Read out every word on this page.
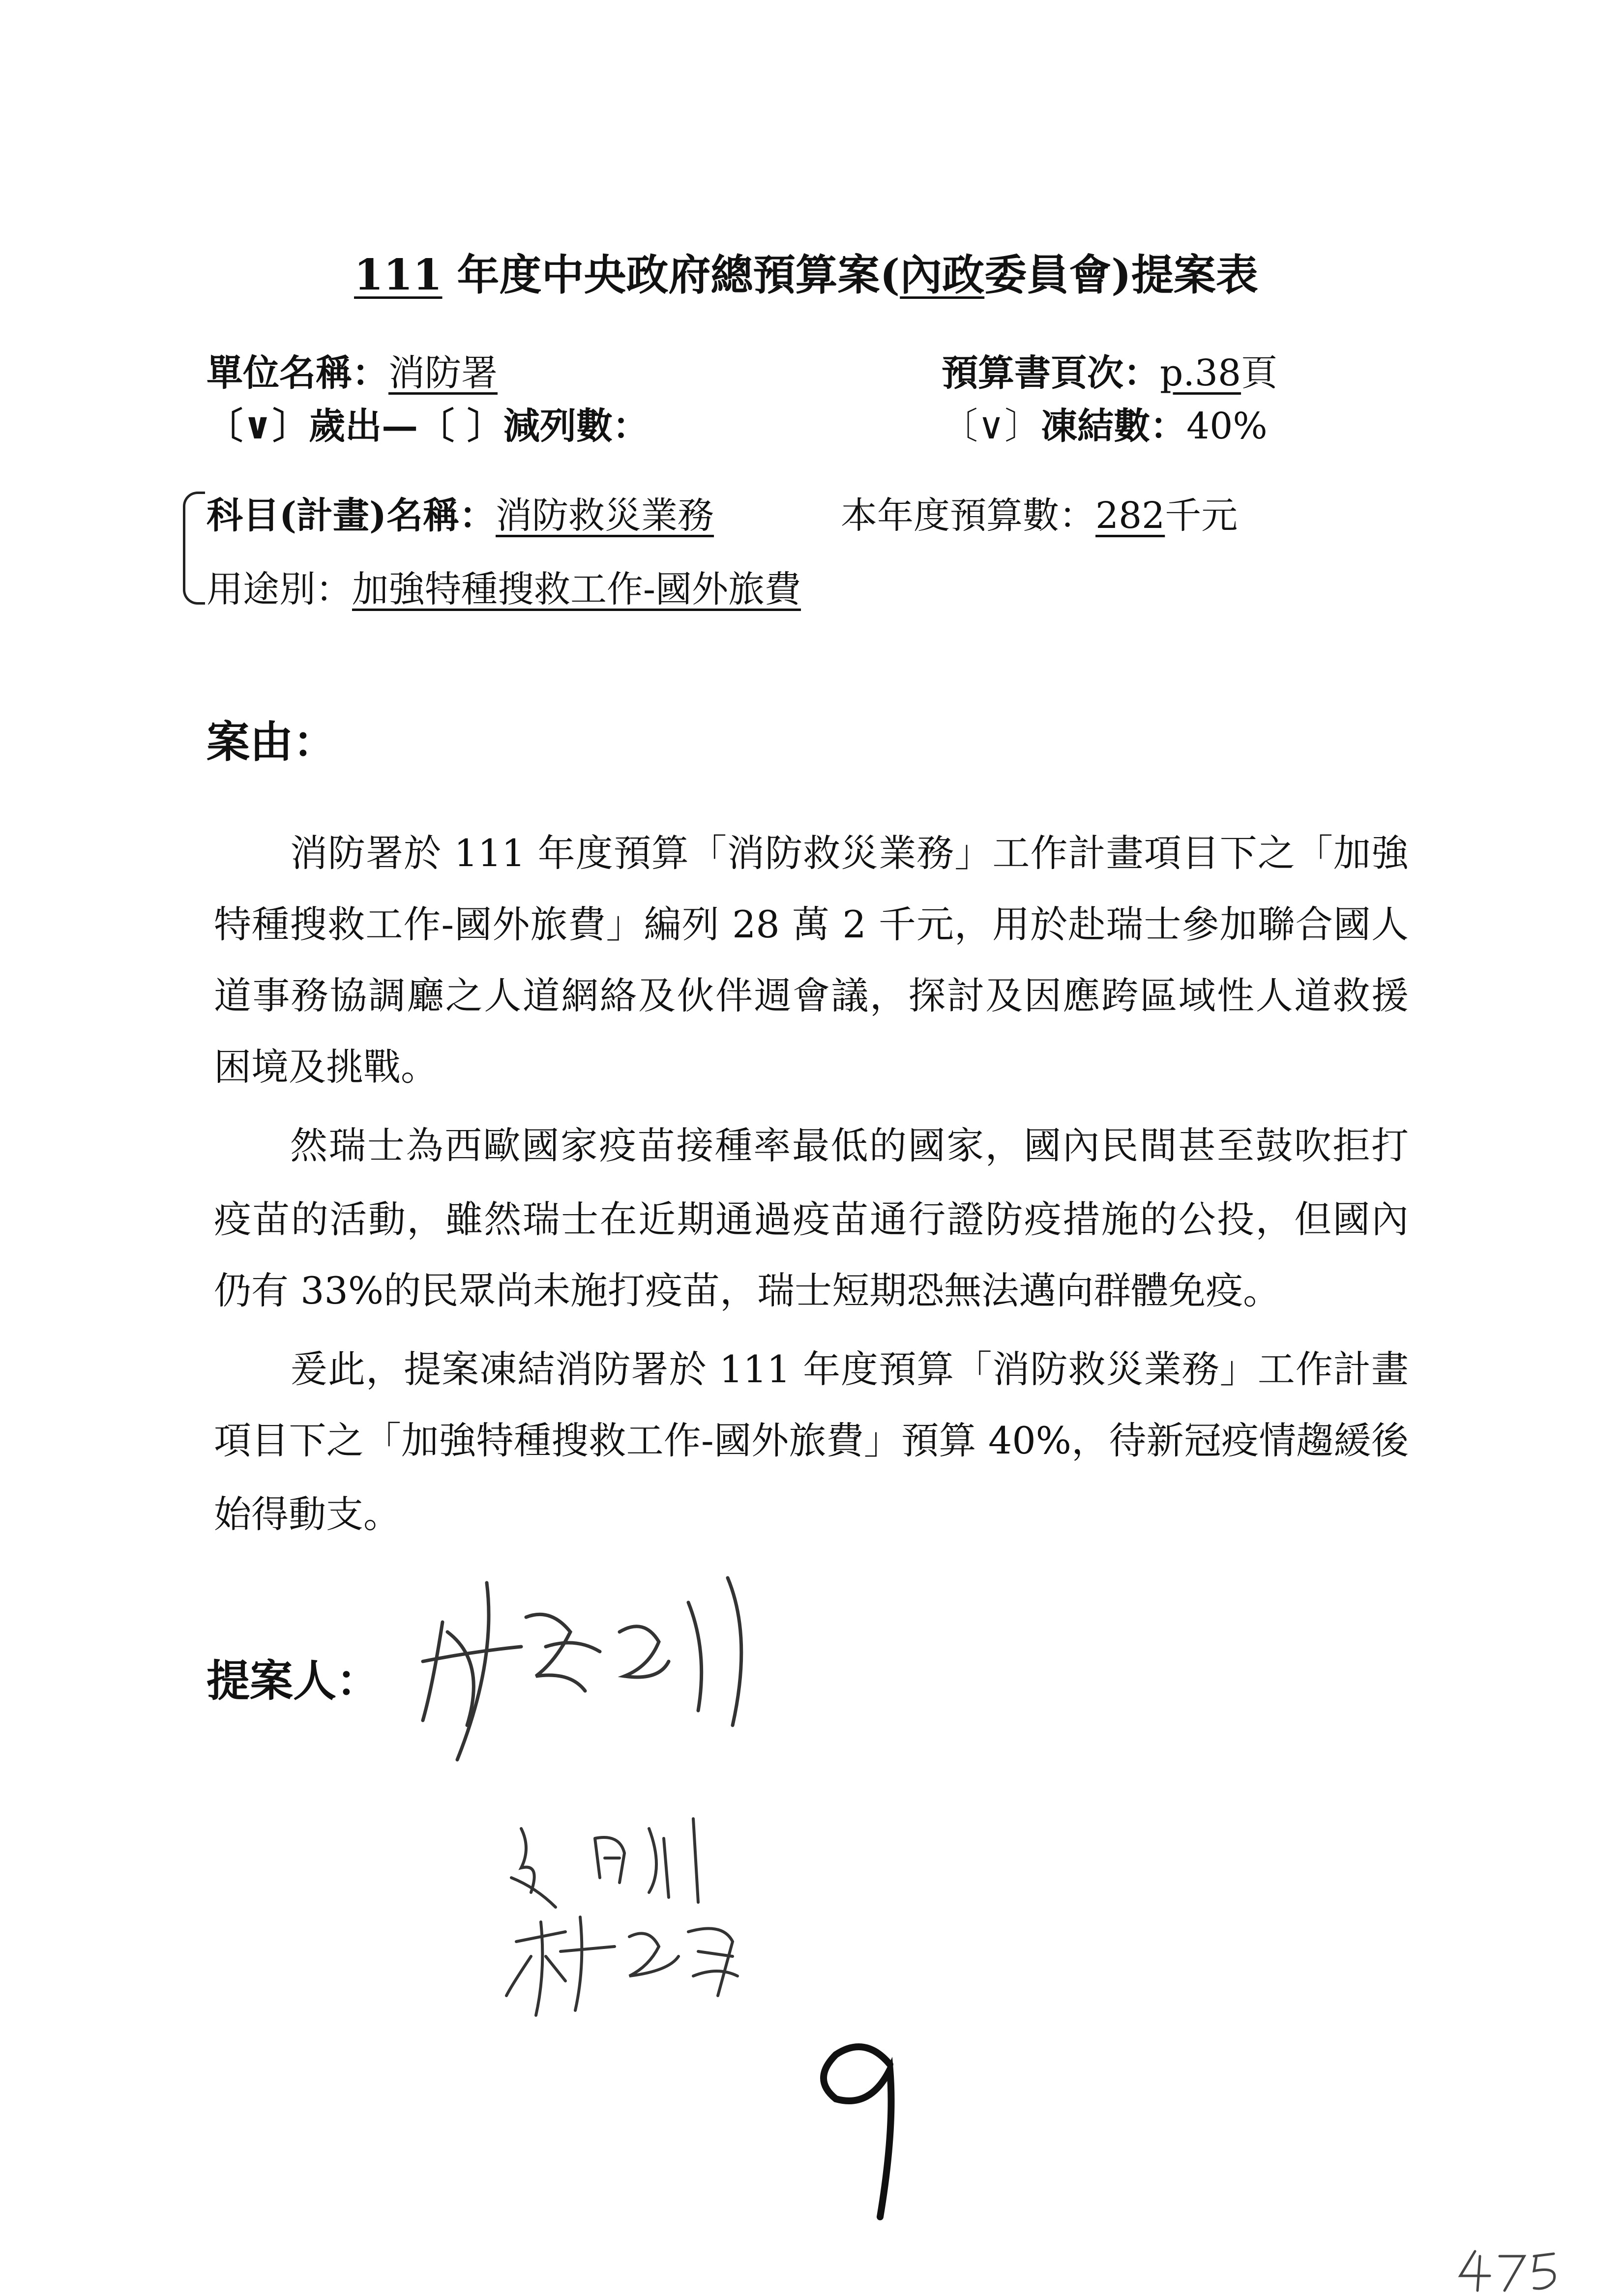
111 年度中央政府總預算案(內政委員會)提案表
單位名稱：消防署	預算書頁次：p.38頁
〔∨〕歲出—〔 〕減列數：	〔∨〕凍結數：40%
科目(計畫)名稱：消防救災業務	本年度預算數：282千元
用途別：加強特種搜救工作-國外旅費
案由：
消防署於 111 年度預算「消防救災業務」工作計畫項目下之「加強
特種搜救工作-國外旅費」編列 28 萬 2 千元，用於赴瑞士參加聯合國人
道事務協調廳之人道網絡及伙伴週會議，探討及因應跨區域性人道救援
困境及挑戰。
然瑞士為西歐國家疫苗接種率最低的國家，國內民間甚至鼓吹拒打
疫苗的活動，雖然瑞士在近期通過疫苗通行證防疫措施的公投，但國內
仍有 33%的民眾尚未施打疫苗，瑞士短期恐無法邁向群體免疫。
爰此，提案凍結消防署於 111 年度預算「消防救災業務」工作計畫
項目下之「加強特種搜救工作-國外旅費」預算 40%，待新冠疫情趨緩後
始得動支。
提案人：
9
